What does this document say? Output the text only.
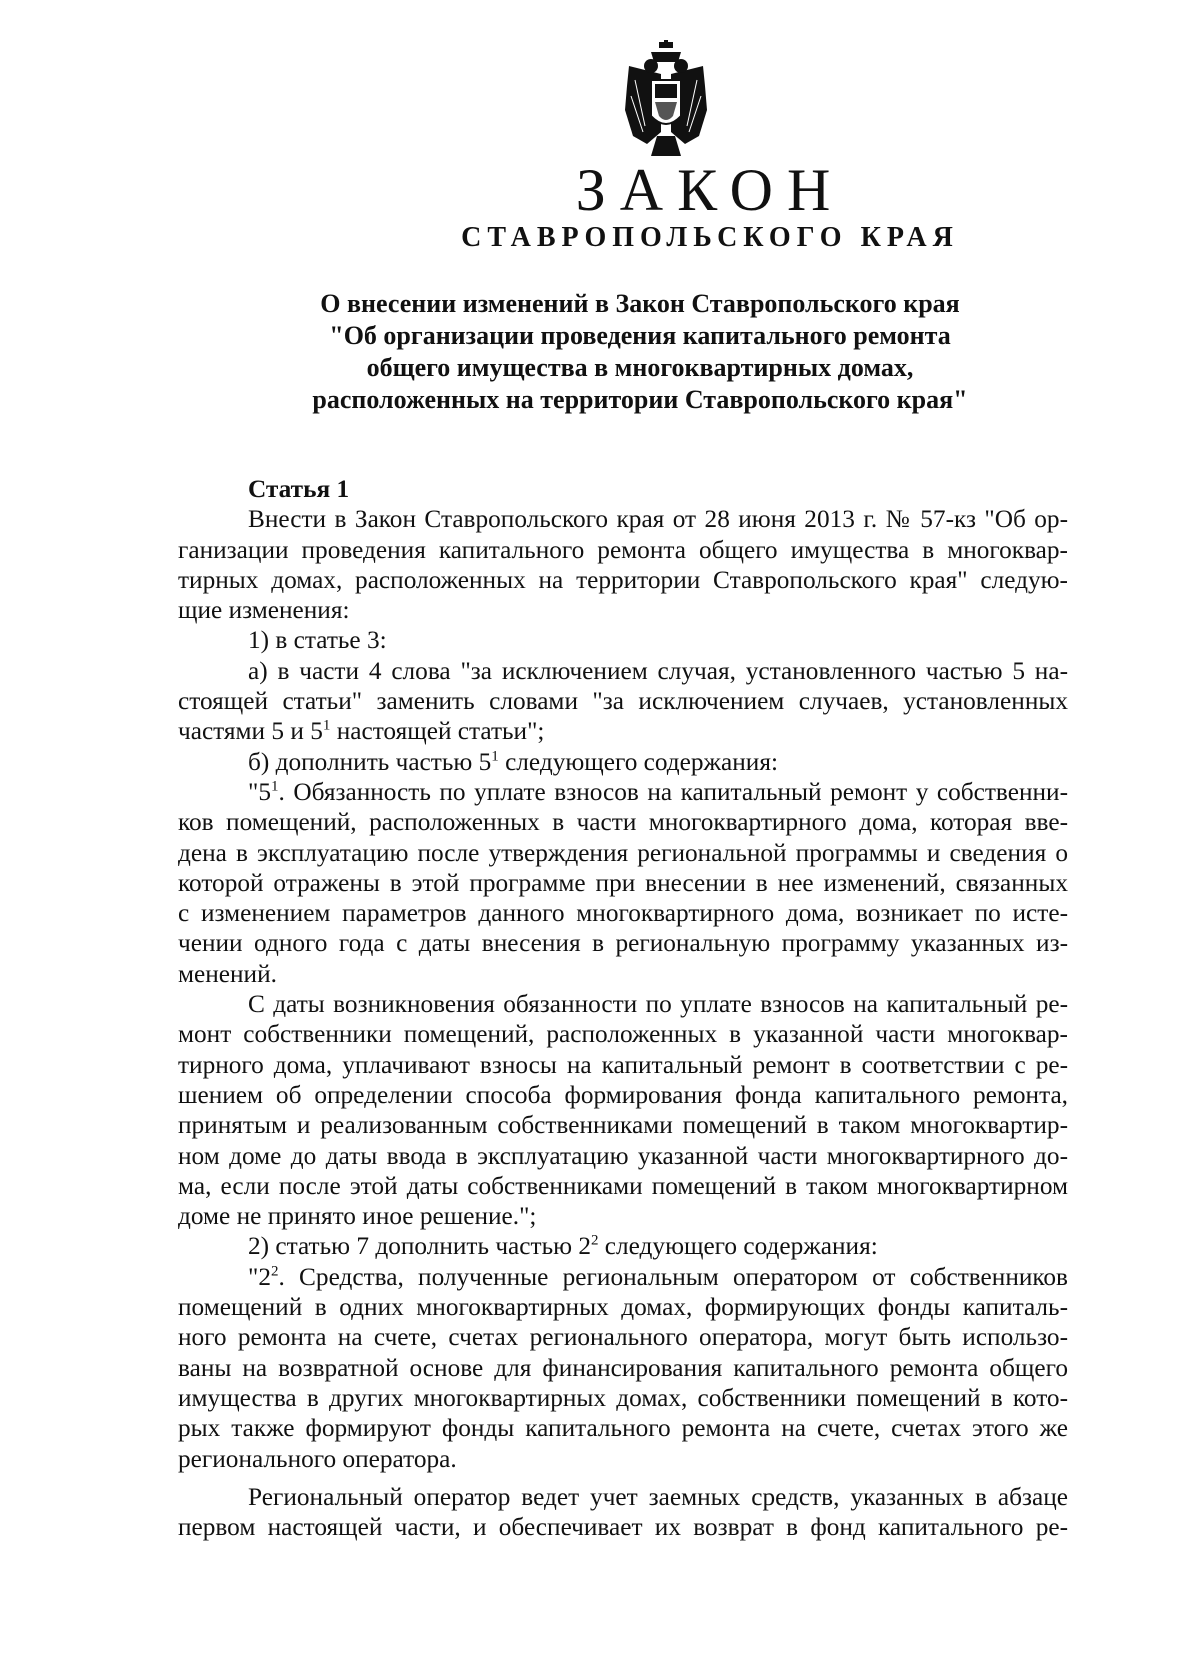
ЗАКОН
СТАВРОПОЛЬСКОГО КРАЯ
О внесении изменений в Закон Ставропольского края
"Об организации проведения капитального ремонта
общего имущества в многоквартирных домах,
расположенных на территории Ставропольского края"

Статья 1

Внести в Закон Ставропольского края от 28 июня 2013 г. № 57-кз "Об ор-

ганизации проведения капитального ремонта общего имущества в многоквар-

тирных домах, расположенных на территории Ставропольского края" следую-

щие изменения:

1) в статье 3:

а) в части 4 слова "за исключением случая, установленного частью 5 на-

стоящей статьи" заменить словами "за исключением случаев, установленных

частями 5 и $5^1$ настоящей статьи";

б) дополнить частью $5^1$ следующего содержания:

"$5^1$. Обязанность по уплате взносов на капитальный ремонт у собственни-

ков помещений, расположенных в части многоквартирного дома, которая вве-

дена в эксплуатацию после утверждения региональной программы и сведения о

которой отражены в этой программе при внесении в нее изменений, связанных

с изменением параметров данного многоквартирного дома, возникает по исте-

чении одного года с даты внесения в региональную программу указанных из-

менений.

С даты возникновения обязанности по уплате взносов на капитальный ре-

монт собственники помещений, расположенных в указанной части многоквар-

тирного дома, уплачивают взносы на капитальный ремонт в соответствии с ре-

шением об определении способа формирования фонда капитального ремонта,

принятым и реализованным собственниками помещений в таком многоквартир-

ном доме до даты ввода в эксплуатацию указанной части многоквартирного до-

ма, если после этой даты собственниками помещений в таком многоквартирном

доме не принято иное решение.";

2) статью 7 дополнить частью $2^2$ следующего содержания:

"$2^2$. Средства, полученные региональным оператором от собственников

помещений в одних многоквартирных домах, формирующих фонды капиталь-

ного ремонта на счете, счетах регионального оператора, могут быть использо-

ваны на возвратной основе для финансирования капитального ремонта общего

имущества в других многоквартирных домах, собственники помещений в кото-

рых также формируют фонды капитального ремонта на счете, счетах этого же

регионального оператора.

Региональный оператор ведет учет заемных средств, указанных в абзаце

первом настоящей части, и обеспечивает их возврат в фонд капитального ре-
